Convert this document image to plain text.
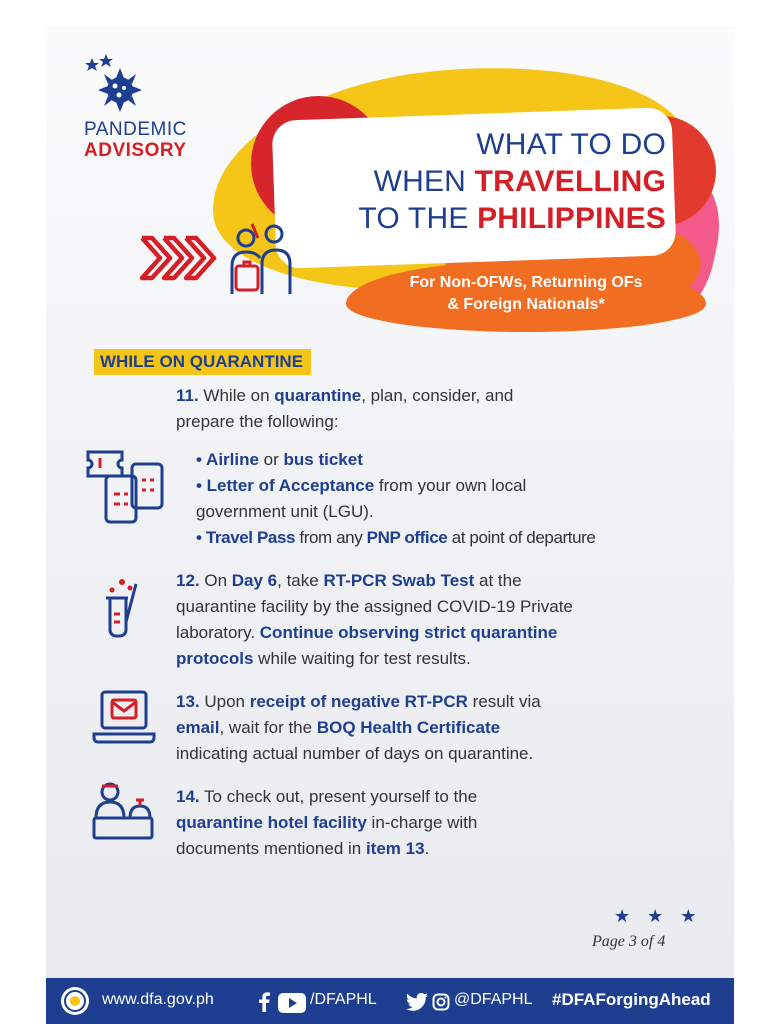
PANDEMIC
ADVISORY	WHAT TO DO
WHEN TRAVELLING
TO THE PHILIPPINES
For Non-OFWs, Returning OFs
& Foreign Nationals*
WHILE ON QUARANTINE
11. While on quarantine, plan, consider, and
prepare the following:
• Airline or bus ticket
• Letter of Acceptance from your own local
government unit (LGU).
• Travel Pass from any PNP office at point of departure
12. On Day 6, take RT-PCR Swab Test at the
quarantine facility by the assigned COVID-19 Private
laboratory. Continue observing strict quarantine
protocols while waiting for test results.
13. Upon receipt of negative RT-PCR result via
email, wait for the BOQ Health Certificate
indicating actual number of days on quarantine.
14. To check out, present yourself to the
quarantine hotel facility in-charge with
documents mentioned in item 13.
★ ★ ★
Page 3 of 4
www.dfa.gov.ph	/DFAPHL	@DFAPHL #DFAForgingAhead
